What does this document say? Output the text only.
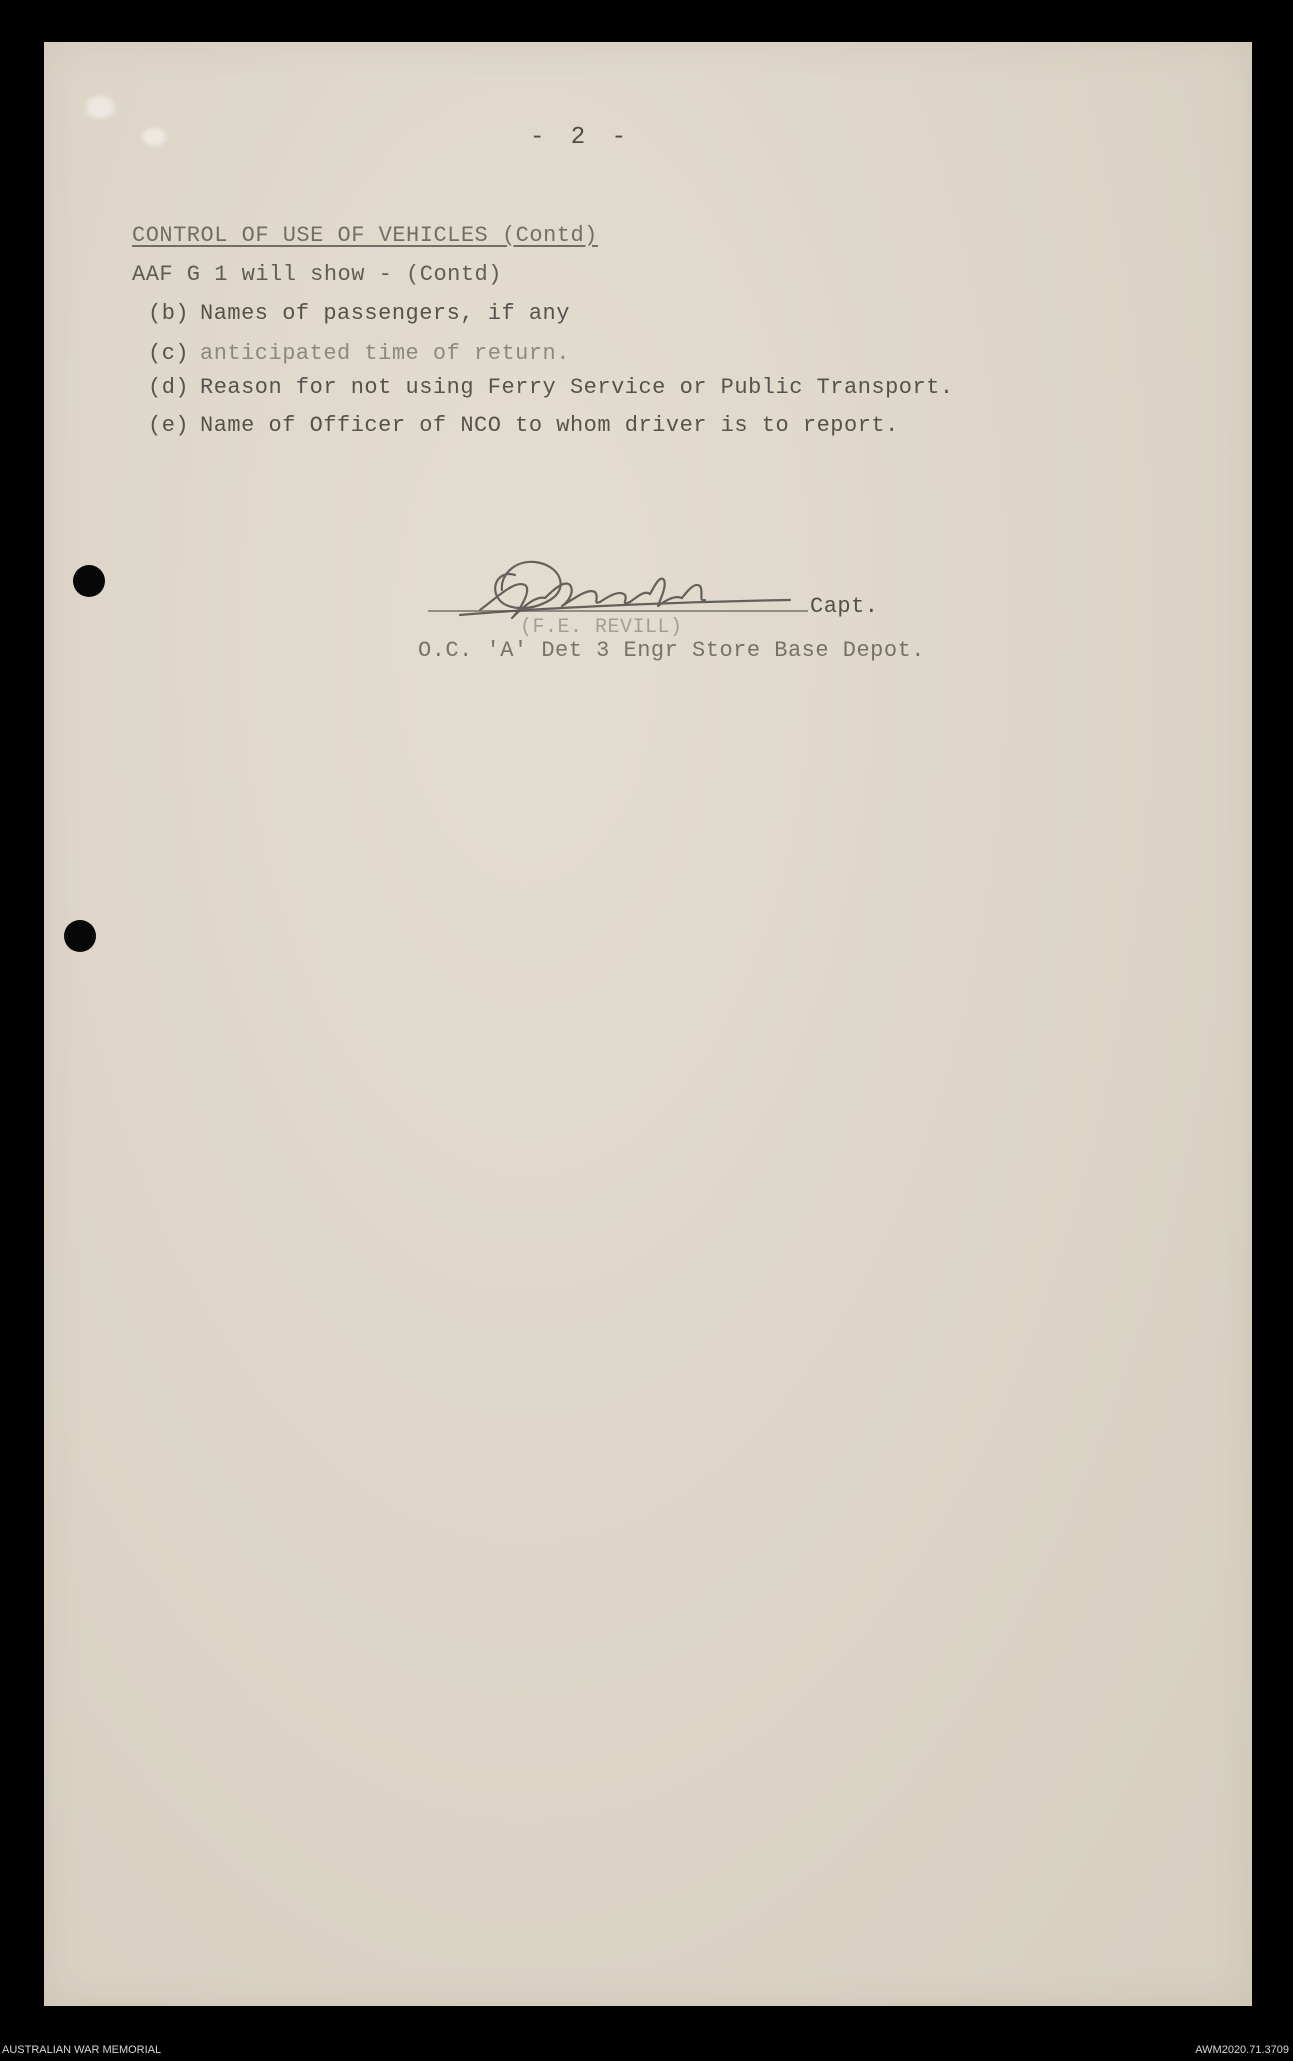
- 2 -
CONTROL OF USE OF VEHICLES (Contd)
AAF G 1 will show - (Contd)
(b) Names of passengers, if any
(c) anticipated time of return.
(d) Reason for not using Ferry Service or Public Transport.
(e) Name of Officer of NCO to whom driver is to report.
Capt.
(F.E. REVILL)
O.C. 'A' Det 3 Engr Store Base Depot.
AUSTRALIAN WAR MEMORIAL	AWM2020.71.3709
